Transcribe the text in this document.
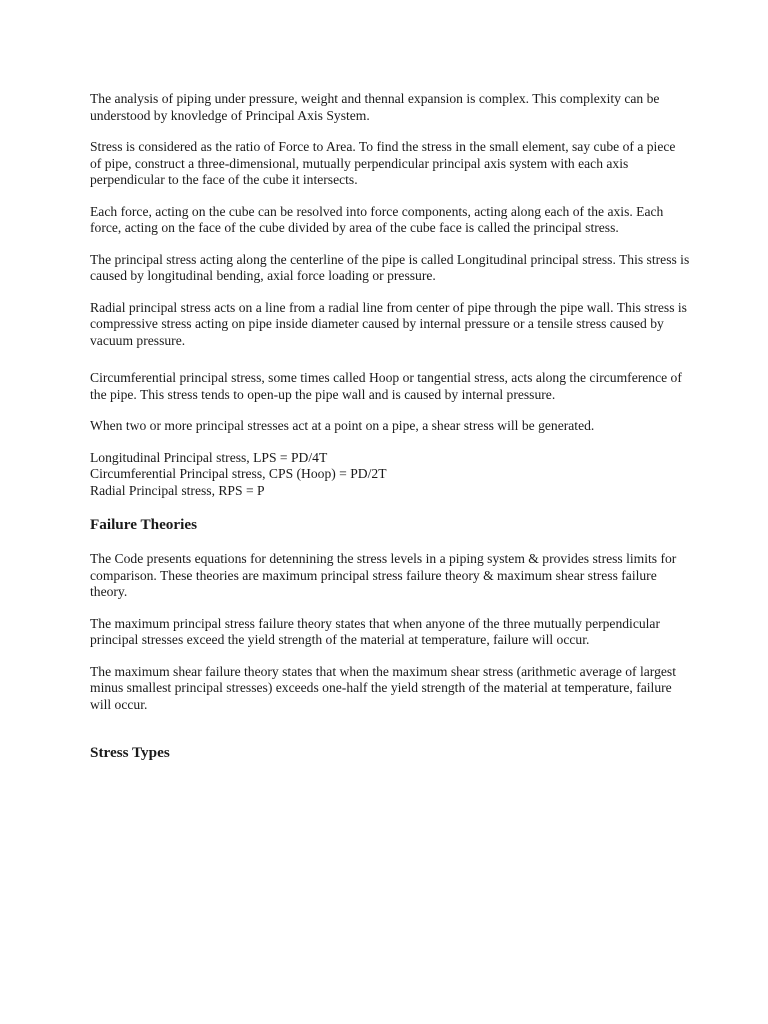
The analysis of piping under pressure, weight and thennal expansion is complex. This complexity can be understood by knovledge of Principal Axis System.

Stress is considered as the ratio of Force to Area. To find the stress in the small element, say cube of a piece of pipe, construct a three-dimensional, mutually perpendicular principal axis system with each axis perpendicular to the face of the cube it intersects.

Each force, acting on the cube can be resolved into force components, acting along each of the axis. Each force, acting on the face of the cube divided by area of the cube face is called the principal stress.

The principal stress acting along the centerline of the pipe is called Longitudinal principal stress. This stress is caused by longitudinal bending, axial force loading or pressure.

Radial principal stress acts on a line from a radial line from center of pipe through the pipe wall. This stress is compressive stress acting on pipe inside diameter caused by internal pressure or a tensile stress caused by vacuum pressure.

Circumferential principal stress, some times called Hoop or tangential stress, acts along the circumference of the pipe. This stress tends to open-up the pipe wall and is caused by internal pressure.

When two or more principal stresses act at a point on a pipe, a shear stress will be generated.

Longitudinal Principal stress, LPS = PD/4T
Circumferential Principal stress, CPS (Hoop) = PD/2T
Radial Principal stress, RPS = P
Failure Theories

The Code presents equations for detennining the stress levels in a piping system & provides stress limits for comparison. These theories are maximum principal stress failure theory & maximum shear stress failure theory.

The maximum principal stress failure theory states that when anyone of the three mutually perpendicular principal stresses exceed the yield strength of the material at temperature, failure will occur.

The maximum shear failure theory states that when the maximum shear stress (arithmetic average of largest minus smallest principal stresses) exceeds one-half the yield strength of the material at temperature, failure will occur.

Stress Types
